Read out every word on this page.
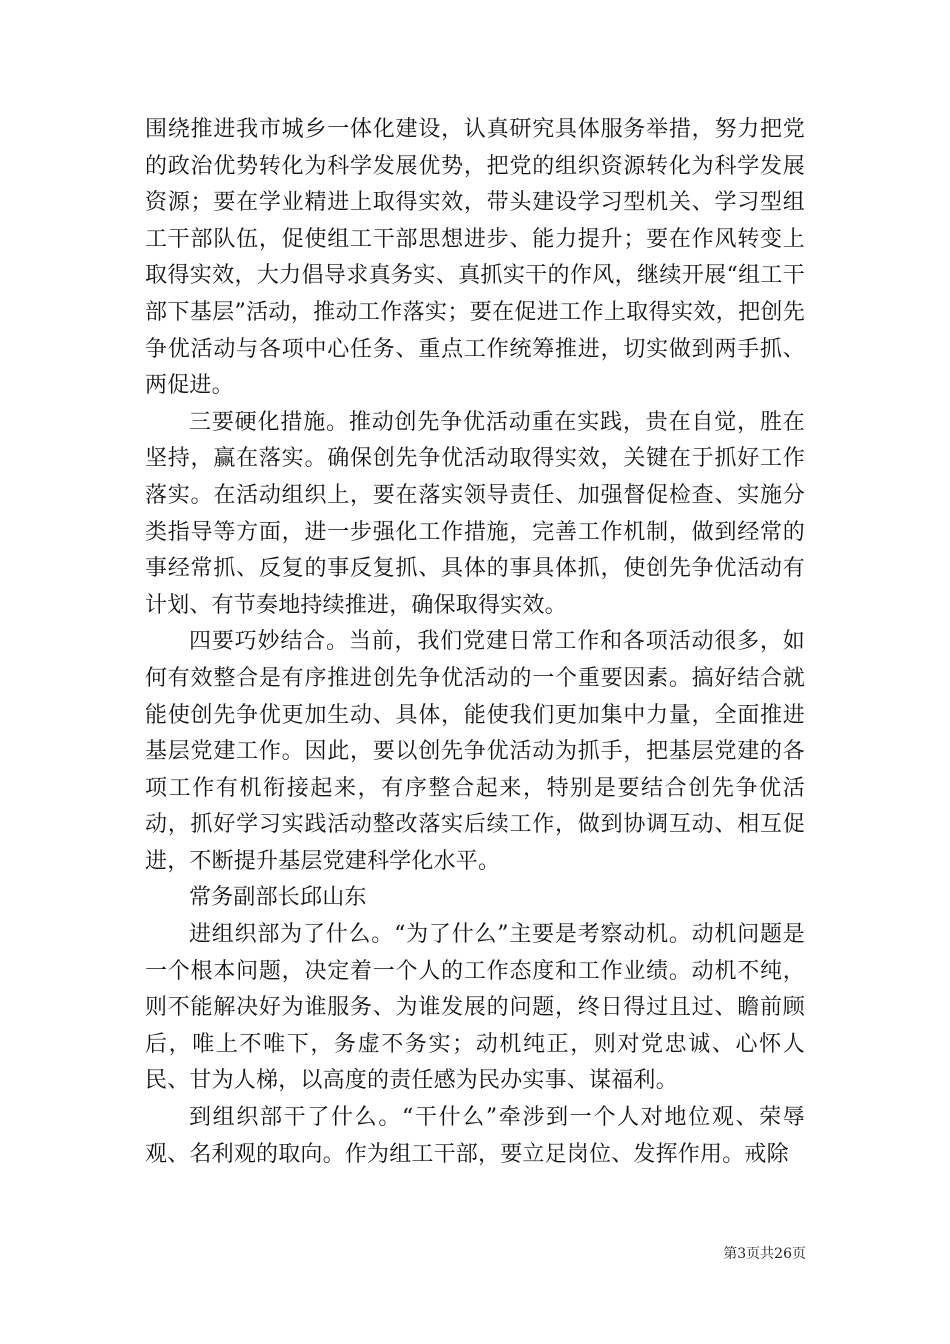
围绕推进我市城乡一体化建设，认真研究具体服务举措，努力把党的政治优势转化为科学发展优势，把党的组织资源转化为科学发展资源；要在学业精进上取得实效，带头建设学习型机关、学习型组工干部队伍，促使组工干部思想进步、能力提升；要在作风转变上取得实效，大力倡导求真务实、真抓实干的作风，继续开展“组工干部下基层”活动，推动工作落实；要在促进工作上取得实效，把创先争优活动与各项中心任务、重点工作统筹推进，切实做到两手抓、两促进。

三要硬化措施。推动创先争优活动重在实践，贵在自觉，胜在坚持，赢在落实。确保创先争优活动取得实效，关键在于抓好工作落实。在活动组织上，要在落实领导责任、加强督促检查、实施分类指导等方面，进一步强化工作措施，完善工作机制，做到经常的事经常抓、反复的事反复抓、具体的事具体抓，使创先争优活动有计划、有节奏地持续推进，确保取得实效。

四要巧妙结合。当前，我们党建日常工作和各项活动很多，如何有效整合是有序推进创先争优活动的一个重要因素。搞好结合就能使创先争优更加生动、具体，能使我们更加集中力量，全面推进基层党建工作。因此，要以创先争优活动为抓手，把基层党建的各项工作有机衔接起来，有序整合起来，特别是要结合创先争优活动，抓好学习实践活动整改落实后续工作，做到协调互动、相互促进，不断提升基层党建科学化水平。

常务副部长邱山东

进组织部为了什么。“为了什么”主要是考察动机。动机问题是一个根本问题，决定着一个人的工作态度和工作业绩。动机不纯，则不能解决好为谁服务、为谁发展的问题，终日得过且过、瞻前顾后，唯上不唯下，务虚不务实；动机纯正，则对党忠诚、心怀人民、甘为人梯，以高度的责任感为民办实事、谋福利。

到组织部干了什么。“干什么”牵涉到一个人对地位观、荣辱观、名利观的取向。作为组工干部，要立足岗位、发挥作用。戒除

第3页共26页
